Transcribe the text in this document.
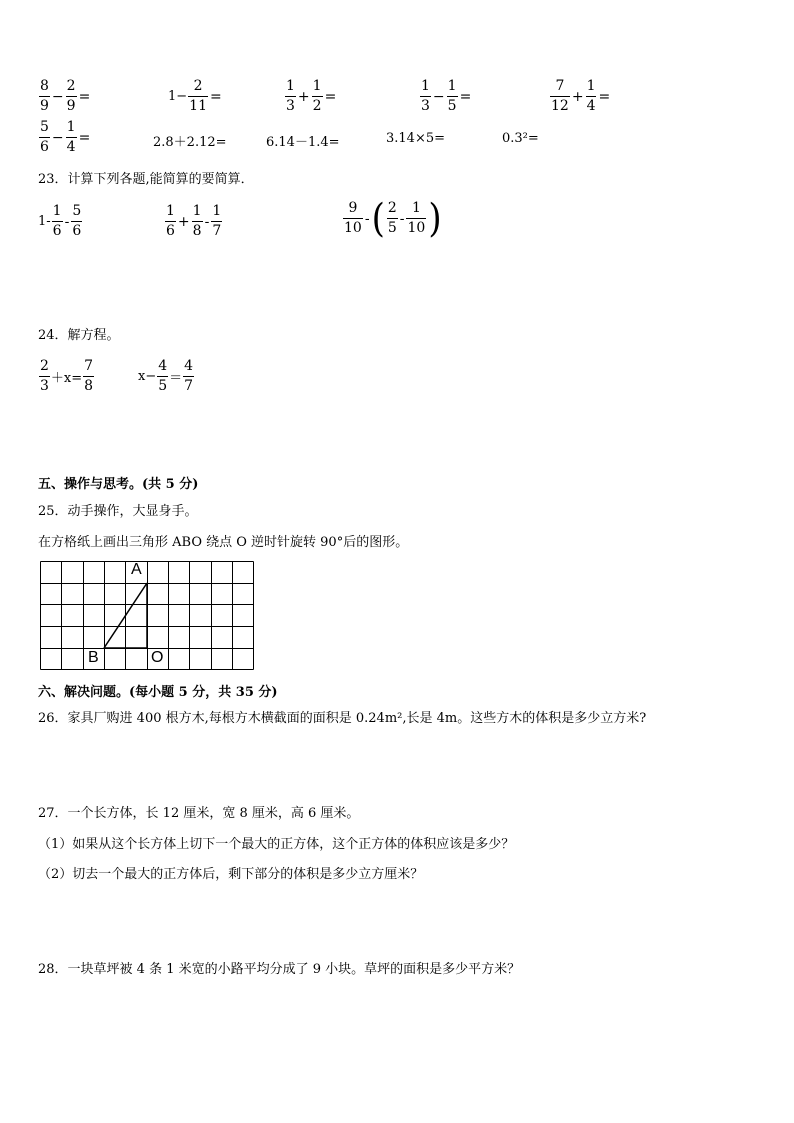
$\frac{8}{9} - \frac{2}{9}$ =	$1- \frac{2}{11}$ =	$\frac{1}{3} + \frac{1}{2}$ =	$\frac{1}{3} - \frac{1}{5}$ =	$\frac{7}{12} + \frac{1}{4}$ =
$\frac{5}{6} - \frac{1}{4}$ =	2.8＋2.12=	6.14－1.4=	3.14×5=	0.3²=
23．计算下列各题,能简算的要简算．
$1- \frac{1}{6} - \frac{5}{6}$	$\frac{1}{6} + \frac{1}{8} - \frac{1}{7}$	$\frac{9}{10}$ - ( $\frac{2}{5} - \frac{1}{10}$ )
24．解方程。
$\frac{2}{3} +x= \frac{7}{8}$	$x- \frac{4}{5} = \frac{4}{7}$
五、操作与思考。(共 5 分)
25．动手操作，大显身手。
在方格纸上画出三角形 ABO 绕点 O 逆时针旋转 90°后的图形。
A
B	O
六、解决问题。(每小题 5 分，共 35 分)
26．家具厂购进 400 根方木,每根方木横截面的面积是 0.24m²,长是 4m。这些方木的体积是多少立方米?
27．一个长方体，长 12 厘米，宽 8 厘米，高 6 厘米。
（1）如果从这个长方体上切下一个最大的正方体，这个正方体的体积应该是多少？
（2）切去一个最大的正方体后，剩下部分的体积是多少立方厘米？
28．一块草坪被 4 条 1 米宽的小路平均分成了 9 小块。草坪的面积是多少平方米？
